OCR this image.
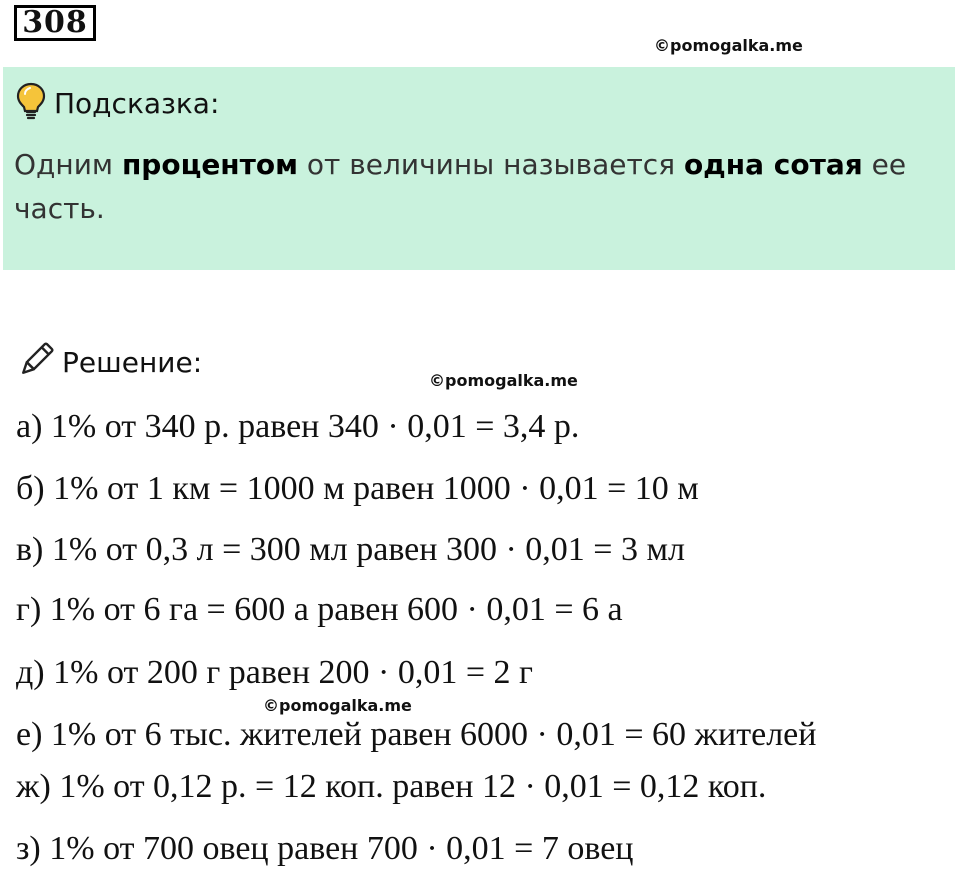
308
©pomogalka.me
Подсказка:
Одним процентом от величины называется одна сотая ее часть.
Решение:
©pomogalka.me
а) 1% от 340 р. равен 340 · 0,01 = 3,4 р.
б) 1% от 1 км = 1000 м равен 1000 · 0,01 = 10 м
в) 1% от 0,3 л = 300 мл равен 300 · 0,01 = 3 мл
г) 1% от 6 га = 600 а равен 600 · 0,01 = 6 а
д) 1% от 200 г равен 200 · 0,01 = 2 г
©pomogalka.me
е) 1% от 6 тыс. жителей равен 6000 · 0,01 = 60 жителей
ж) 1% от 0,12 р. = 12 коп. равен 12 · 0,01 = 0,12 коп.
з) 1% от 700 овец равен 700 · 0,01 = 7 овец
